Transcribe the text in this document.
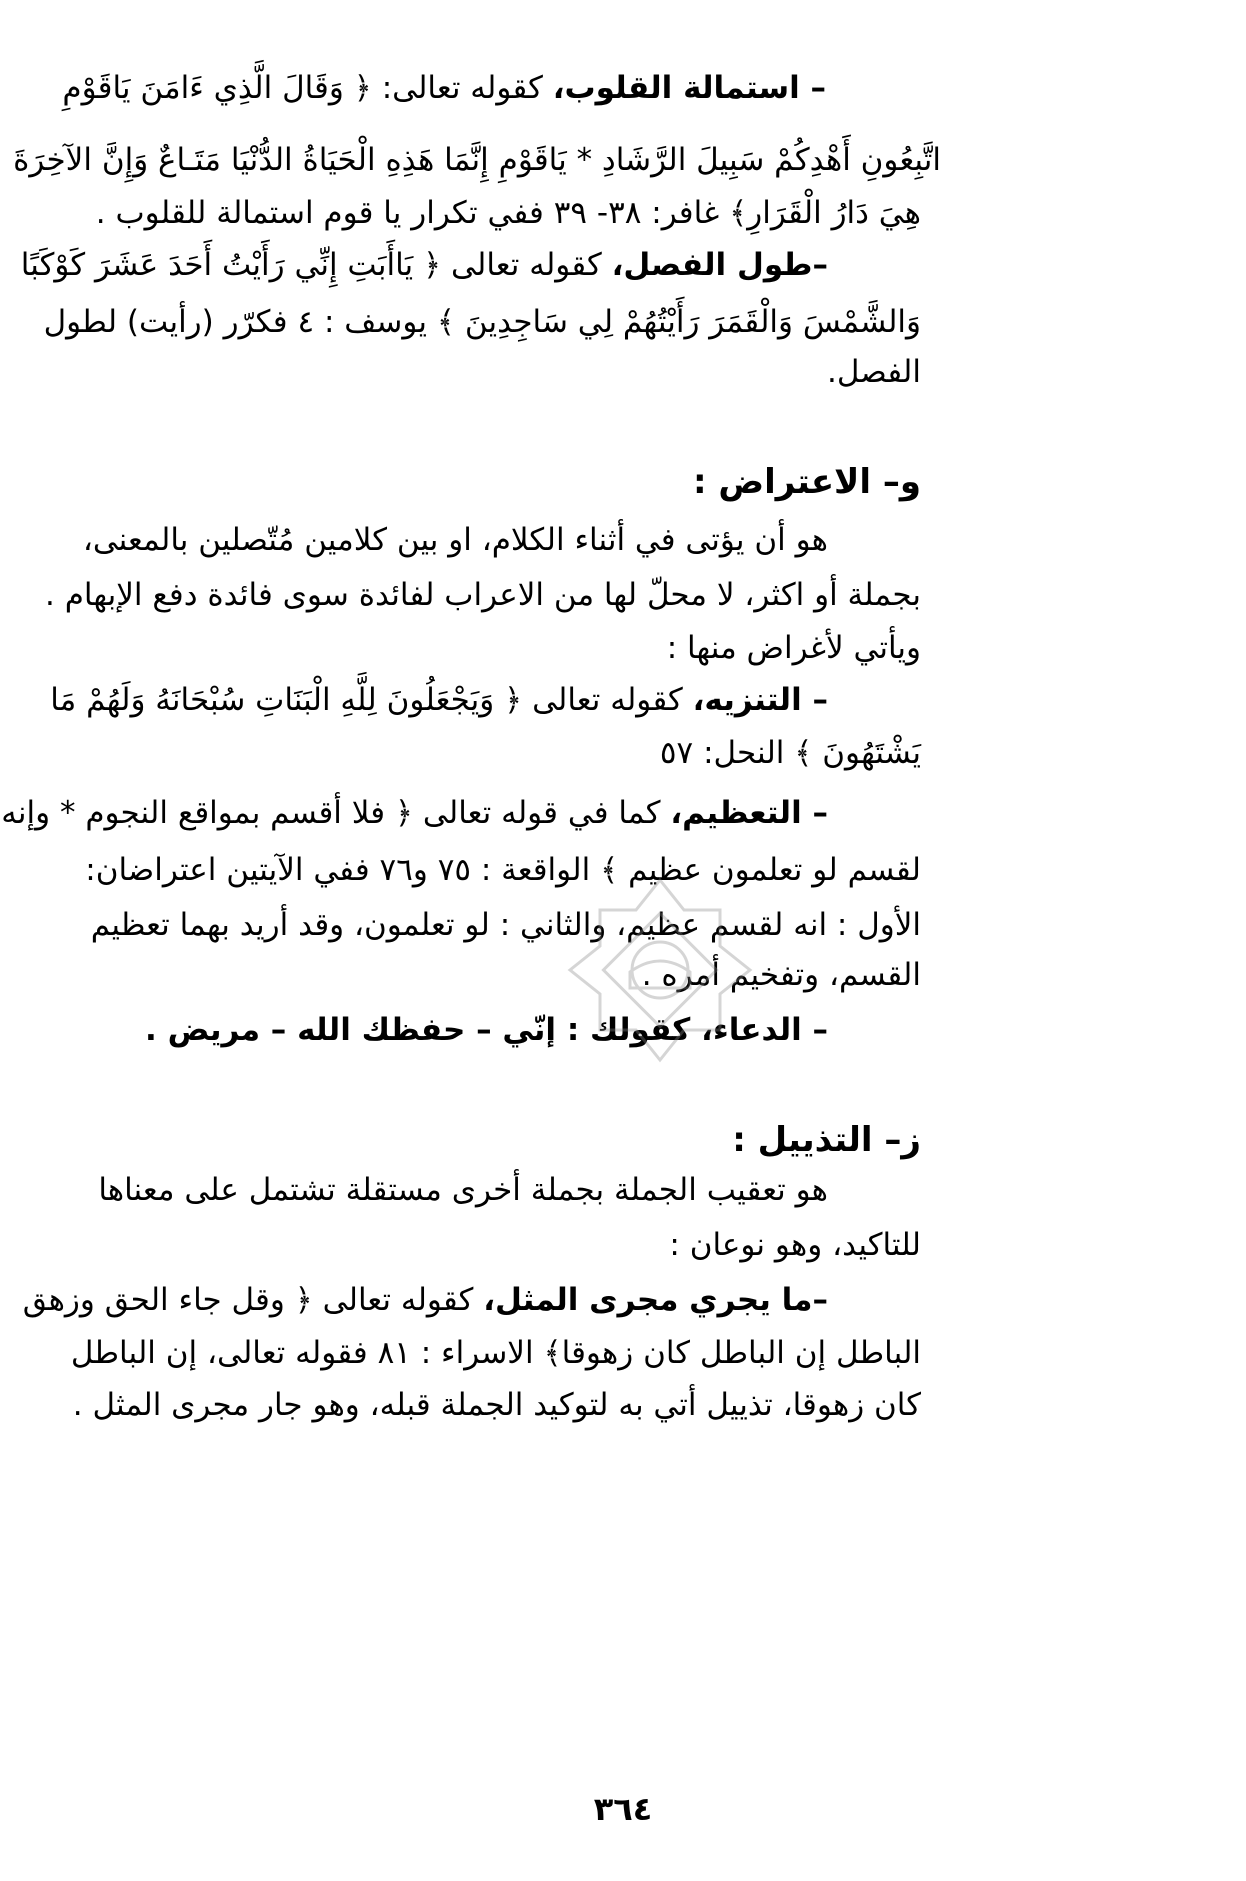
– استمالة القلوب، كقوله تعالى: ﴿ وَقَالَ الَّذِي ءَامَنَ يَاقَوْمِ
اتَّبِعُونِ أَهْدِكُمْ سَبِيلَ الرَّشَادِ * يَاقَوْمِ إِنَّمَا هَذِهِ الْحَيَاةُ الدُّنْيَا مَتَـاعٌ وَإِنَّ الآخِرَةَ
هِيَ دَارُ الْقَرَارِ﴾ غافر: ٣٨- ٣٩ ففي تكرار يا قوم استمالة للقلوب .
–طول الفصل، كقوله تعالى ﴿ يَاأَبَتِ إِنِّي رَأَيْتُ أَحَدَ عَشَرَ كَوْكَبًا
وَالشَّمْسَ وَالْقَمَرَ رَأَيْتُهُمْ لِي سَاجِدِينَ ﴾ يوسف : ٤ فكرّر (رأيت) لطول
الفصل.
و– الاعتراض :
هو أن يؤتى في أثناء الكلام، او بين كلامين مُتّصلين بالمعنى،
بجملة أو اكثر، لا محلّ لها من الاعراب لفائدة سوى فائدة دفع الإبهام .
ويأتي لأغراض منها :
– التنزيه، كقوله تعالى ﴿ وَيَجْعَلُونَ لِلَّهِ الْبَنَاتِ سُبْحَانَهُ وَلَهُمْ مَا
يَشْتَهُونَ ﴾ النحل: ٥٧
– التعظيم، كما في قوله تعالى ﴿ فلا أقسم بمواقع النجوم * وإنه
لقسم لو تعلمون عظيم ﴾ الواقعة : ٧٥ و٧٦ ففي الآيتين اعتراضان:
الأول : انه لقسم عظيم، والثاني : لو تعلمون، وقد أريد بهما تعظيم
القسم، وتفخيم أمره .
– الدعاء، كقولك : إنّي – حفظك الله – مريض .
ز– التذييل :
هو تعقيب الجملة بجملة أخرى مستقلة تشتمل على معناها
للتاكيد، وهو نوعان :
–ما يجري مجرى المثل، كقوله تعالى ﴿ وقل جاء الحق وزهق
الباطل إن الباطل كان زهوقا﴾ الاسراء : ٨١ فقوله تعالى، إن الباطل
كان زهوقا، تذييل أتي به لتوكيد الجملة قبله، وهو جار مجرى المثل .
٣٦٤
